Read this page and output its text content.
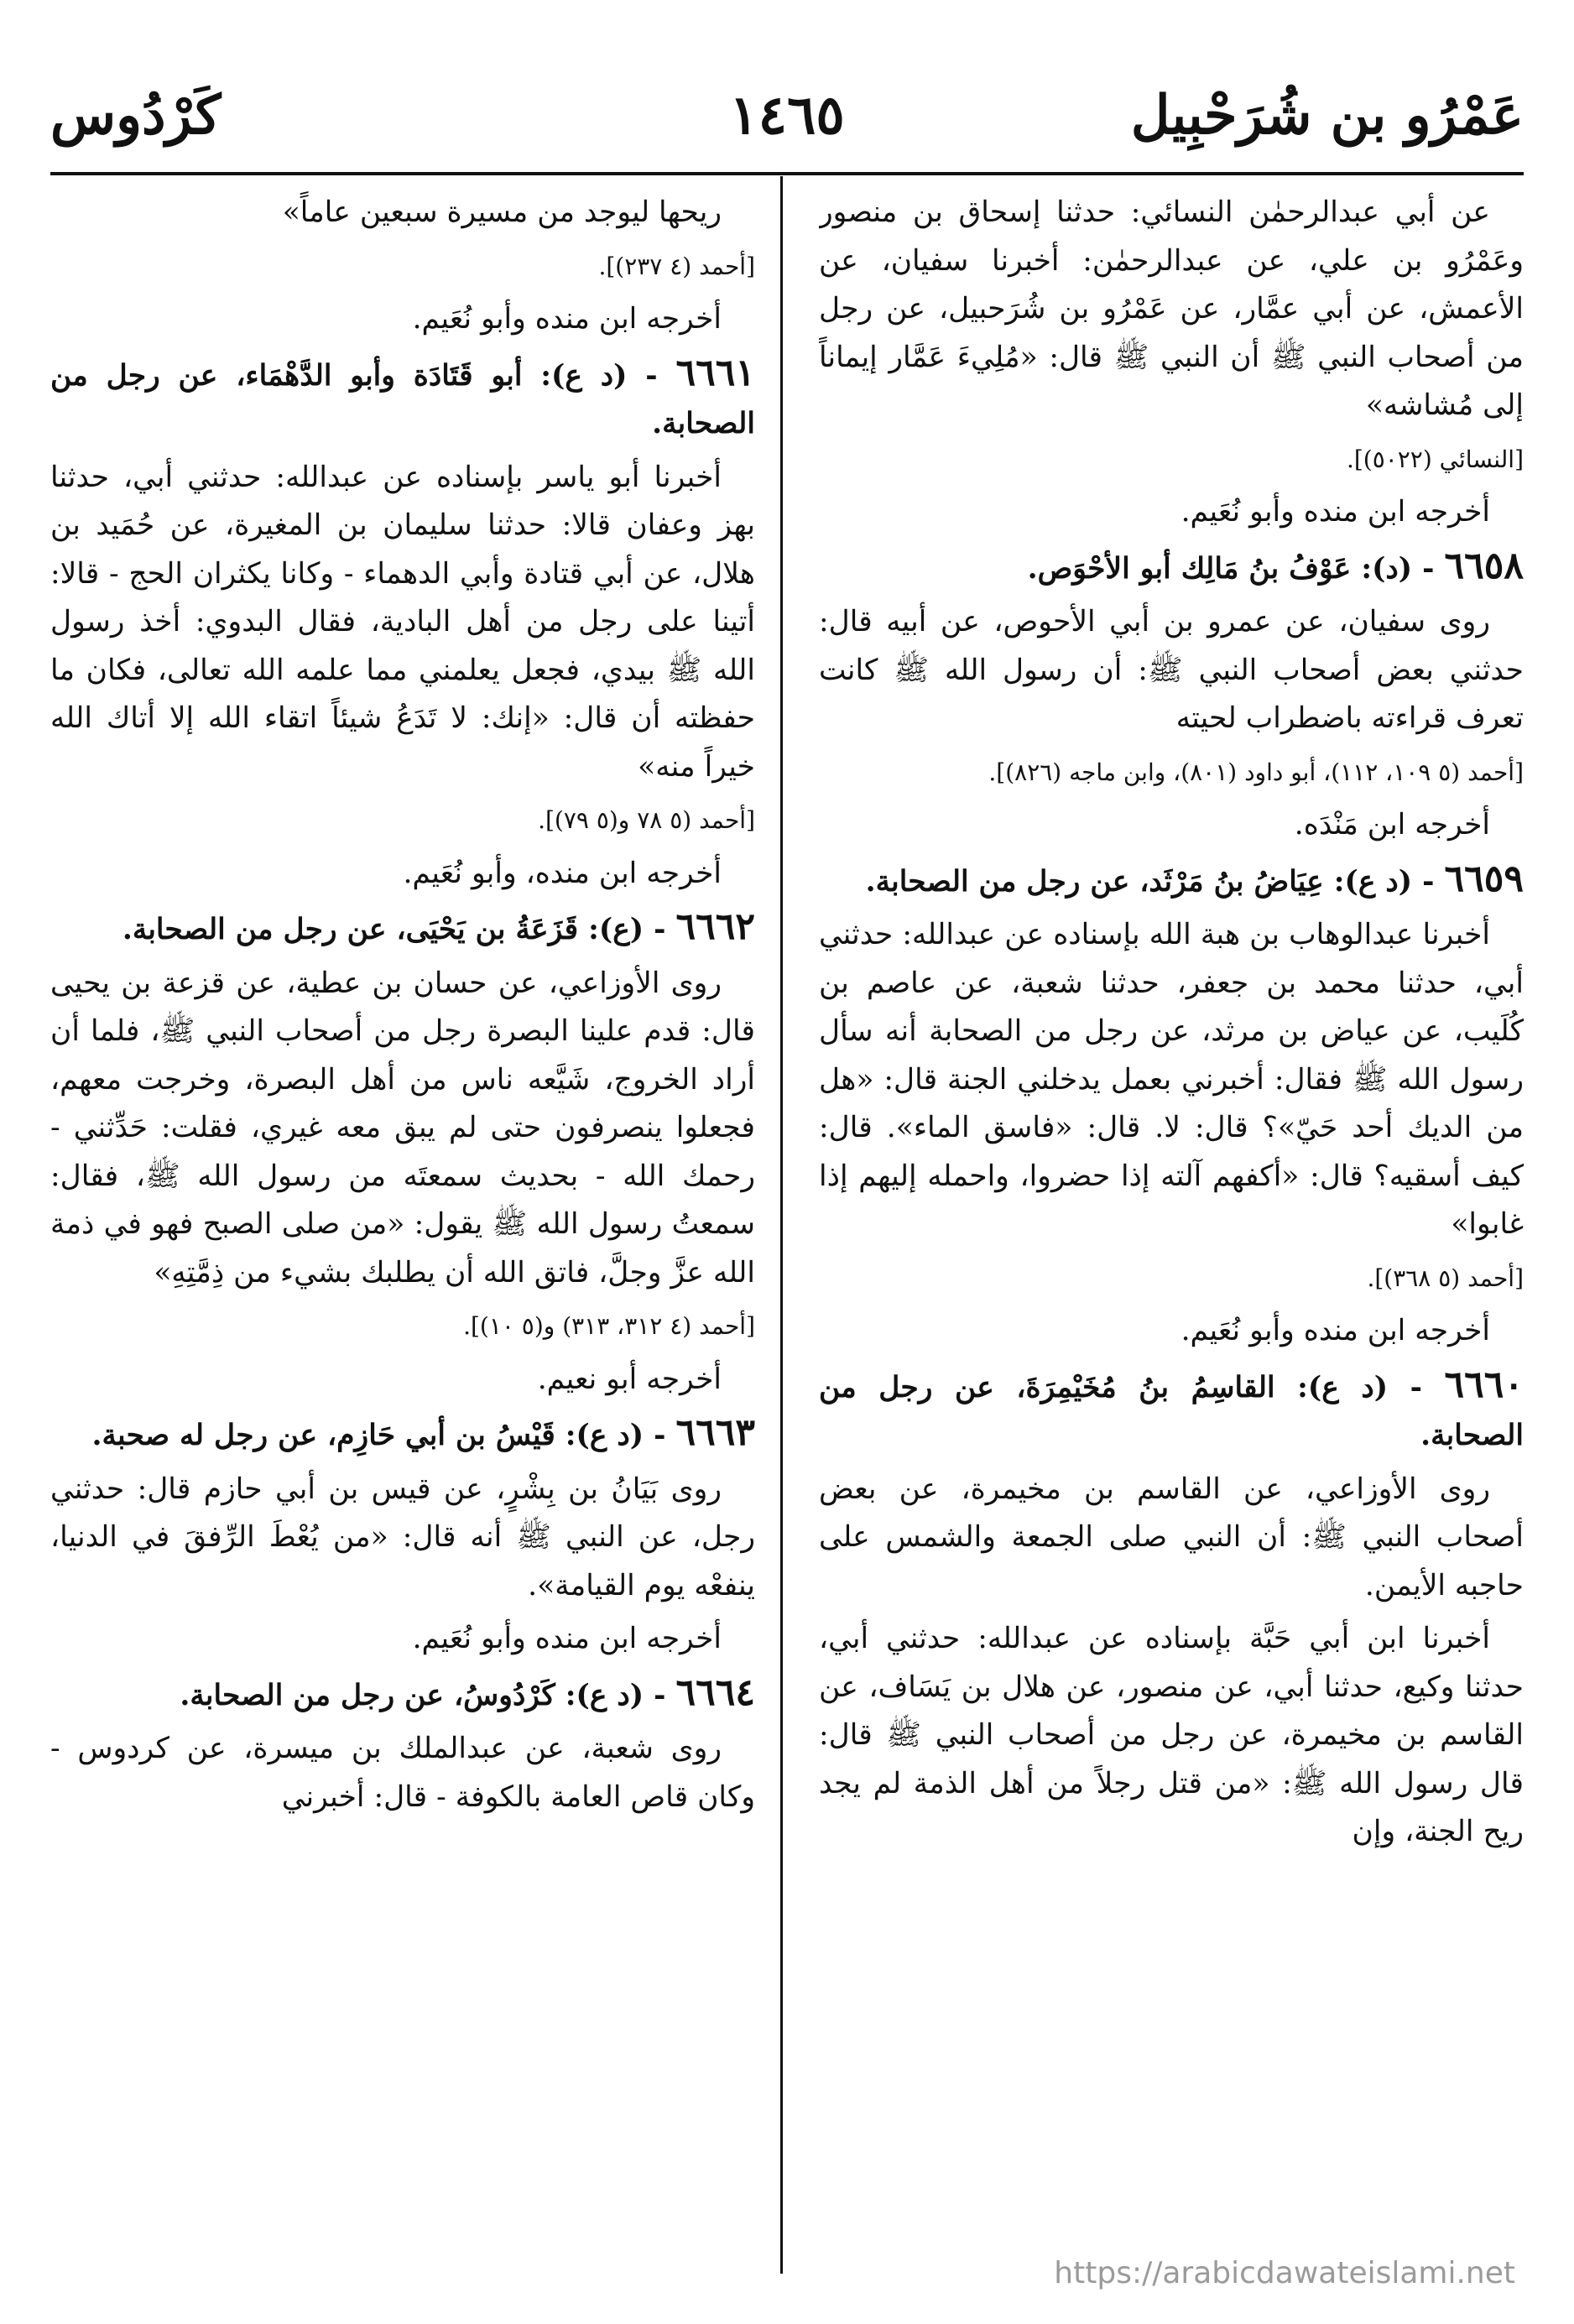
عَمْرُو بن شُرَحْبِيل
١٤٦٥
كَرْدُوس

عن أبي عبدالرحمٰن النسائي: حدثنا إسحاق بن منصور وعَمْرُو بن علي، عن عبدالرحمٰن: أخبرنا سفيان، عن الأعمش، عن أبي عمَّار، عن عَمْرُو بن شُرَحبيل، عن رجل من أصحاب النبي ﷺ أن النبي ﷺ قال: «مُلِيءَ عَمَّار إيماناً إلى مُشاشه»

[النسائي (٥٠٢٢)].

أخرجه ابن منده وأبو نُعَيم.

٦٦٥٨ - (د): عَوْفُ بنُ مَالِك أبو الأحْوَص.

روى سفيان، عن عمرو بن أبي الأحوص، عن أبيه قال: حدثني بعض أصحاب النبي ﷺ: أن رسول الله ﷺ كانت تعرف قراءته باضطراب لحيته

[أحمد (٥ ١٠٩، ١١٢)، أبو داود (٨٠١)، وابن ماجه (٨٢٦)].

أخرجه ابن مَنْدَه.

٦٦٥٩ - (د ع): عِيَاضُ بنُ مَرْثَد، عن رجل من الصحابة.

أخبرنا عبدالوهاب بن هبة الله بإسناده عن عبدالله: حدثني أبي، حدثنا محمد بن جعفر، حدثنا شعبة، عن عاصم بن كُلَيب، عن عياض بن مرثد، عن رجل من الصحابة أنه سأل رسول الله ﷺ فقال: أخبرني بعمل يدخلني الجنة قال: «هل من الديك أحد حَيّ»؟ قال: لا. قال: «فاسق الماء». قال: كيف أسقيه؟ قال: «أكفهم آلته إذا حضروا، واحمله إليهم إذا غابوا»

[أحمد (٥ ٣٦٨)].

أخرجه ابن منده وأبو نُعَيم.

٦٦٦٠ - (د ع): القاسِمُ بنُ مُخَيْمِرَةَ، عن رجل من الصحابة.

روى الأوزاعي، عن القاسم بن مخيمرة، عن بعض أصحاب النبي ﷺ: أن النبي صلى الجمعة والشمس على حاجبه الأيمن.

أخبرنا ابن أبي حَبَّة بإسناده عن عبدالله: حدثني أبي، حدثنا وكيع، حدثنا أبي، عن منصور، عن هلال بن يَسَاف، عن القاسم بن مخيمرة، عن رجل من أصحاب النبي ﷺ قال: قال رسول الله ﷺ: «من قتل رجلاً من أهل الذمة لم يجد ريح الجنة، وإن

ريحها ليوجد من مسيرة سبعين عاماً»

[أحمد (٤ ٢٣٧)].

أخرجه ابن منده وأبو نُعَيم.

٦٦٦١ - (د ع): أبو قَتَادَة وأبو الدَّهْمَاء، عن رجل من الصحابة.

أخبرنا أبو ياسر بإسناده عن عبدالله: حدثني أبي، حدثنا بهز وعفان قالا: حدثنا سليمان بن المغيرة، عن حُمَيد بن هلال، عن أبي قتادة وأبي الدهماء - وكانا يكثران الحج - قالا: أتينا على رجل من أهل البادية، فقال البدوي: أخذ رسول الله ﷺ بيدي، فجعل يعلمني مما علمه الله تعالى، فكان ما حفظته أن قال: «إنك: لا تَدَعُ شيئاً اتقاء الله إلا أتاك الله خيراً منه»

[أحمد (٥ ٧٨ و(٥ ٧٩)].

أخرجه ابن منده، وأبو نُعَيم.

٦٦٦٢ - (ع): قَزَعَةُ بن يَحْيَى، عن رجل من الصحابة.

روى الأوزاعي، عن حسان بن عطية، عن قزعة بن يحيى قال: قدم علينا البصرة رجل من أصحاب النبي ﷺ، فلما أن أراد الخروج، شَيَّعه ناس من أهل البصرة، وخرجت معهم، فجعلوا ينصرفون حتى لم يبق معه غيري، فقلت: حَدِّثني - رحمك الله - بحديث سمعتَه من رسول الله ﷺ، فقال: سمعتُ رسول الله ﷺ يقول: «من صلى الصبح فهو في ذمة الله عزَّ وجلَّ، فاتق الله أن يطلبك بشيء من ذِمَّتِهِ»

[أحمد (٤ ٣١٢، ٣١٣) و(٥ ١٠)].

أخرجه أبو نعيم.

٦٦٦٣ - (د ع): قَيْسُ بن أبي حَازِم، عن رجل له صحبة.

روى بَيَانُ بن بِشْرٍ، عن قيس بن أبي حازم قال: حدثني رجل، عن النبي ﷺ أنه قال: «من يُعْطَ الرِّفقَ في الدنيا، ينفعْه يوم القيامة».

أخرجه ابن منده وأبو نُعَيم.

٦٦٦٤ - (د ع): كَرْدُوسُ، عن رجل من الصحابة.

روى شعبة، عن عبدالملك بن ميسرة، عن كردوس - وكان قاص العامة بالكوفة - قال: أخبرني

https://arabicdawateislami.net
